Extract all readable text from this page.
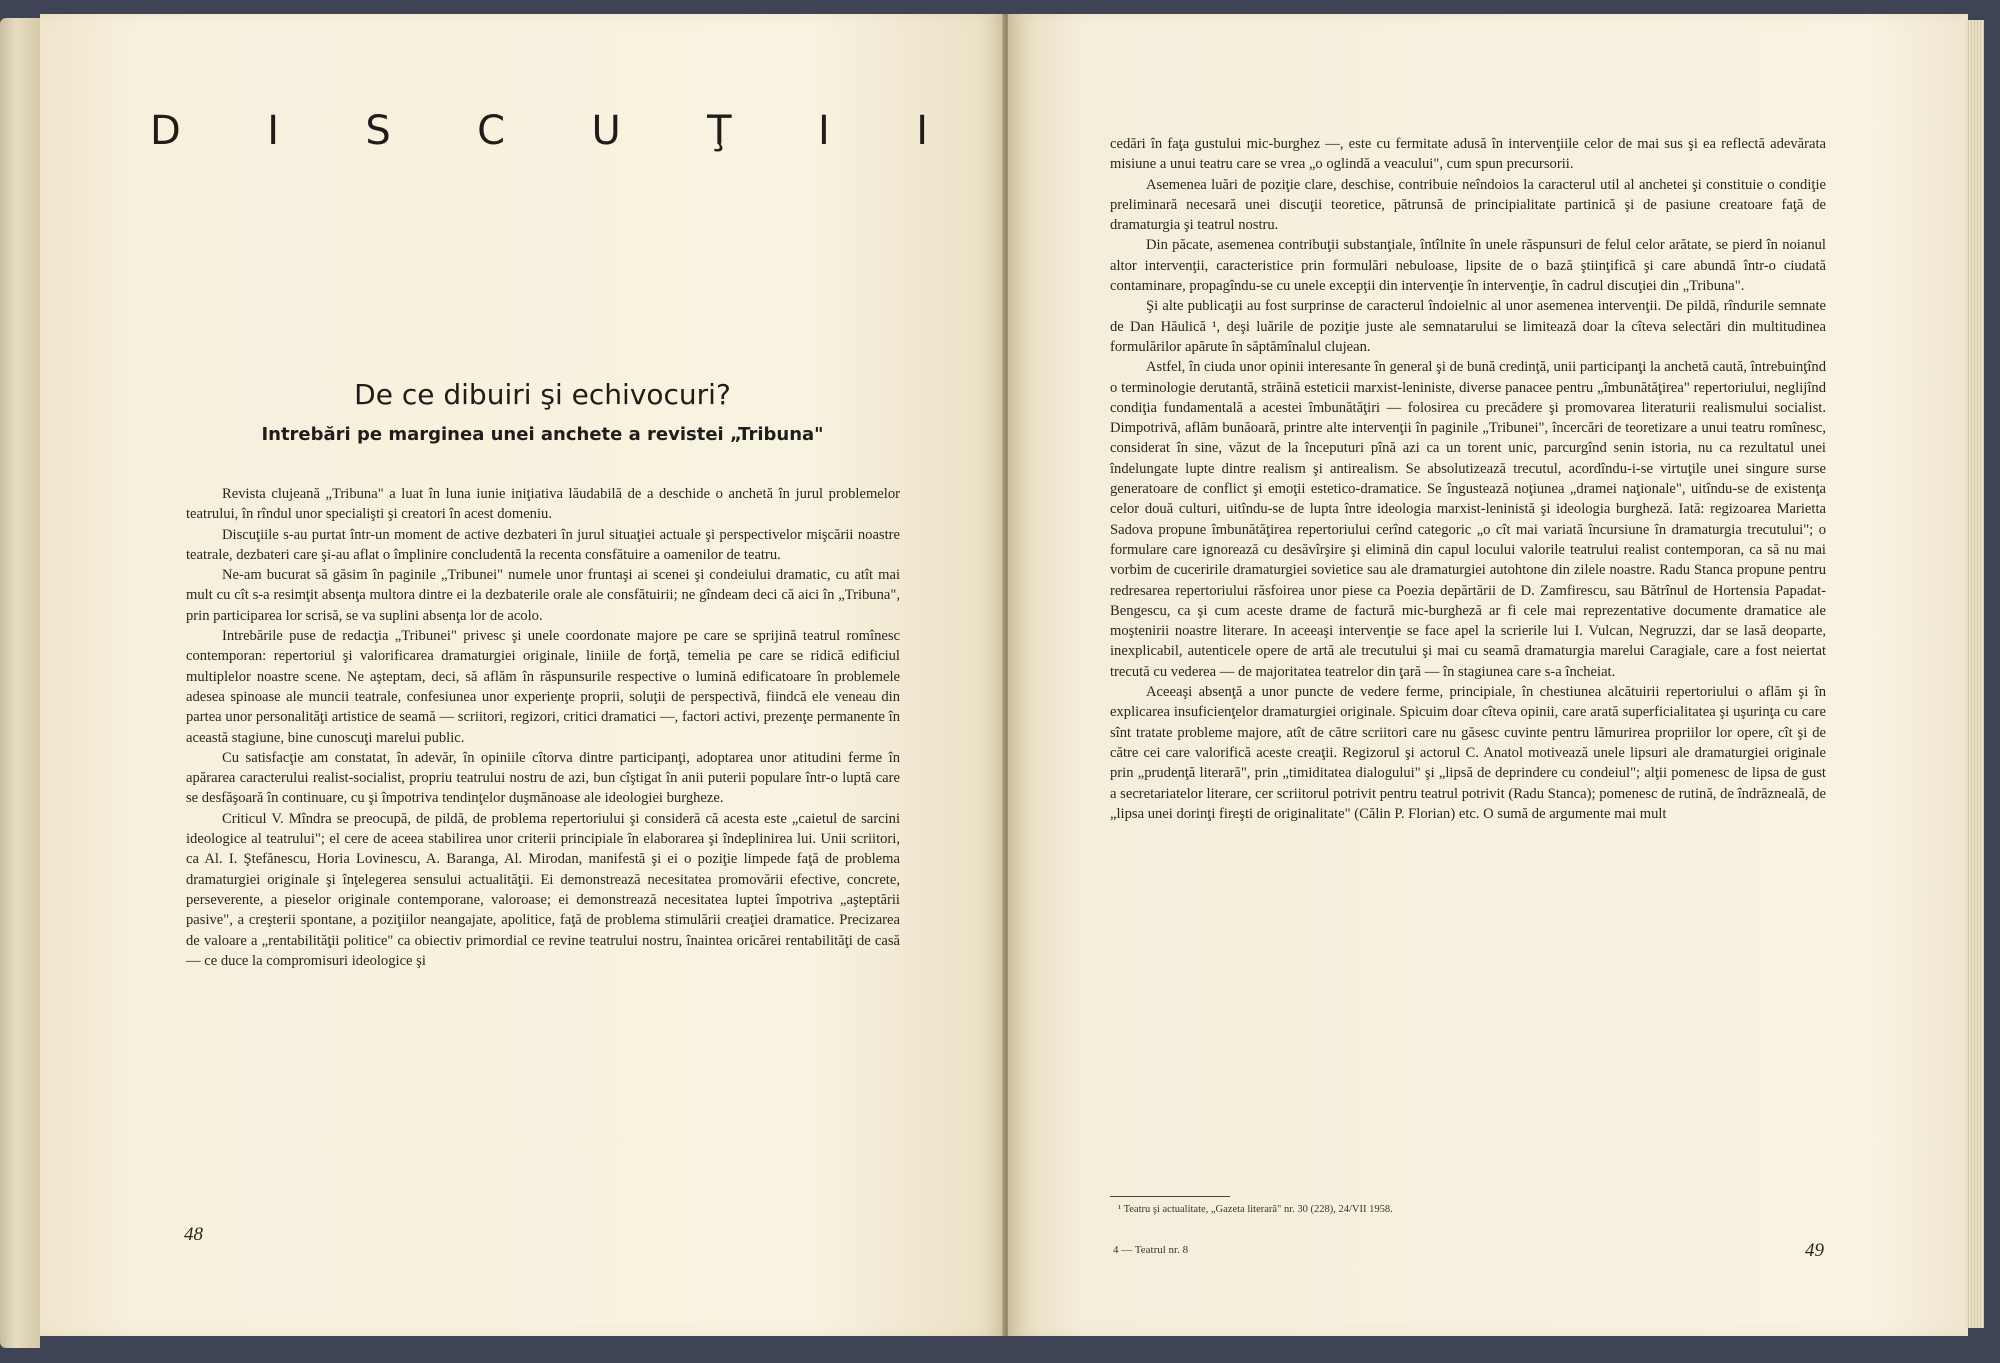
D I S C U Ţ I I
De ce dibuiri şi echivocuri?
Intrebări pe marginea unei anchete a revistei „Tribuna"

Revista clujeană „Tribuna" a luat în luna iunie iniţiativa lăudabilă de a deschide o anchetă în jurul problemelor teatrului, în rîndul unor specialişti şi creatori în acest domeniu.

Discuţiile s-au purtat într-un moment de active dezbateri în jurul situaţiei actuale şi perspectivelor mişcării noastre teatrale, dezbateri care şi-au aflat o împlinire concludentă la recenta consfătuire a oamenilor de teatru.

Ne-am bucurat să găsim în paginile „Tribunei" numele unor fruntaşi ai scenei şi condeiului dramatic, cu atît mai mult cu cît s-a resimţit absenţa multora dintre ei la dezbaterile orale ale consfătuirii; ne gîndeam deci că aici în „Tribuna", prin participarea lor scrisă, se va suplini absenţa lor de acolo.

Intrebările puse de redacţia „Tribunei" privesc şi unele coordonate majore pe care se sprijină teatrul romînesc contemporan: repertoriul şi valorificarea dramaturgiei originale, liniile de forţă, temelia pe care se ridică edificiul multiplelor noastre scene. Ne aşteptam, deci, să aflăm în răspunsurile respective o lumină edificatoare în problemele adesea spinoase ale muncii teatrale, confesiunea unor experienţe proprii, soluţii de perspectivă, fiindcă ele veneau din partea unor personalităţi artistice de seamă — scriitori, regizori, critici dramatici —, factori activi, prezenţe permanente în această stagiune, bine cunoscuţi marelui public.

Cu satisfacţie am constatat, în adevăr, în opiniile cîtorva dintre participanţi, adoptarea unor atitudini ferme în apărarea caracterului realist-socialist, propriu teatrului nostru de azi, bun cîştigat în anii puterii populare într-o luptă care se desfăşoară în continuare, cu şi împotriva tendinţelor duşmănoase ale ideologiei burgheze.

Criticul V. Mîndra se preocupă, de pildă, de problema repertoriului şi consideră că acesta este „caietul de sarcini ideologice al teatrului"; el cere de aceea stabilirea unor criterii principiale în elaborarea şi îndeplinirea lui. Unii scriitori, ca Al. I. Ştefănescu, Horia Lovinescu, A. Baranga, Al. Mirodan, manifestă şi ei o poziţie limpede faţă de problema dramaturgiei originale şi înţelegerea sensului actualităţii. Ei demonstrează necesitatea promovării efective, concrete, perseverente, a pieselor originale contemporane, valoroase; ei demonstrează necesitatea luptei împotriva „aşteptării pasive", a creşterii spontane, a poziţiilor neangajate, apolitice, faţă de problema stimulării creaţiei dramatice. Precizarea de valoare a „rentabilităţii politice" ca obiectiv primordial ce revine teatrului nostru, înaintea oricărei rentabilităţi de casă — ce duce la compromisuri ideologice şi

48

cedări în faţa gustului mic-burghez —, este cu fermitate adusă în intervenţiile celor de mai sus şi ea reflectă adevărata misiune a unui teatru care se vrea „o oglindă a veacului", cum spun precursorii.

Asemenea luări de poziţie clare, deschise, contribuie neîndoios la caracterul util al anchetei şi constituie o condiţie preliminară necesară unei discuţii teoretice, pătrunsă de principialitate partinică şi de pasiune creatoare faţă de dramaturgia şi teatrul nostru.

Din păcate, asemenea contribuţii substanţiale, întîlnite în unele răspunsuri de felul celor arătate, se pierd în noianul altor intervenţii, caracteristice prin formulări nebuloase, lipsite de o bază ştiinţifică şi care abundă într-o ciudată contaminare, propagîndu-se cu unele excepţii din intervenţie în intervenţie, în cadrul discuţiei din „Tribuna".

Şi alte publicaţii au fost surprinse de caracterul îndoielnic al unor asemenea intervenţii. De pildă, rîndurile semnate de Dan Hăulică ¹, deşi luările de poziţie juste ale semnatarului se limitează doar la cîteva selectări din multitudinea formulărilor apărute în săptămînalul clujean.

Astfel, în ciuda unor opinii interesante în general şi de bună credinţă, unii participanţi la anchetă caută, întrebuinţînd o terminologie derutantă, străină esteticii marxist-leniniste, diverse panacee pentru „îmbunătăţirea" repertoriului, neglijînd condiţia fundamentală a acestei îmbunătăţiri — folosirea cu precădere şi promovarea literaturii realismului socialist. Dimpotrivă, aflăm bunăoară, printre alte intervenţii în paginile „Tribunei", încercări de teoretizare a unui teatru romînesc, considerat în sine, văzut de la începuturi pînă azi ca un torent unic, parcurgînd senin istoria, nu ca rezultatul unei îndelungate lupte dintre realism şi antirealism. Se absolutizează trecutul, acordîndu-i-se virtuţile unei singure surse generatoare de conflict şi emoţii estetico-dramatice. Se îngustează noţiunea „dramei naţionale", uitîndu-se de existenţa celor două culturi, uitîndu-se de lupta între ideologia marxist-leninistă şi ideologia burgheză. Iată: regizoarea Marietta Sadova propune îmbunătăţirea repertoriului cerînd categoric „o cît mai variată încursiune în dramaturgia trecutului"; o formulare care ignorează cu desăvîrşire şi elimină din capul locului valorile teatrului realist contemporan, ca să nu mai vorbim de cuceririle dramaturgiei sovietice sau ale dramaturgiei autohtone din zilele noastre. Radu Stanca propune pentru redresarea repertoriului răsfoirea unor piese ca Poezia depărtării de D. Zamfirescu, sau Bătrînul de Hortensia Papadat-Bengescu, ca şi cum aceste drame de factură mic-burgheză ar fi cele mai reprezentative documente dramatice ale moştenirii noastre literare. In aceeaşi intervenţie se face apel la scrierile lui I. Vulcan, Negruzzi, dar se lasă deoparte, inexplicabil, autenticele opere de artă ale trecutului şi mai cu seamă dramaturgia marelui Caragiale, care a fost neiertat trecută cu vederea — de majoritatea teatrelor din ţară — în stagiunea care s-a încheiat.

Aceeaşi absenţă a unor puncte de vedere ferme, principiale, în chestiunea alcătuirii repertoriului o aflăm şi în explicarea insuficienţelor dramaturgiei originale. Spicuim doar cîteva opinii, care arată superficialitatea şi uşurinţa cu care sînt tratate probleme majore, atît de către scriitori care nu găsesc cuvinte pentru lămurirea propriilor lor opere, cît şi de către cei care valorifică aceste creaţii. Regizorul şi actorul C. Anatol motivează unele lipsuri ale dramaturgiei originale prin „prudenţă literară", prin „timiditatea dialogului" şi „lipsă de deprindere cu condeiul"; alţii pomenesc de lipsa de gust a secretariatelor literare, cer scriitorul potrivit pentru teatrul potrivit (Radu Stanca); pomenesc de rutină, de îndrăzneală, de „lipsa unei dorinţi fireşti de originalitate" (Călin P. Florian) etc. O sumă de argumente mai mult

¹ Teatru şi actualitate, „Gazeta literară" nr. 30 (228), 24/VII 1958.
4 — Teatrul nr. 8	49
